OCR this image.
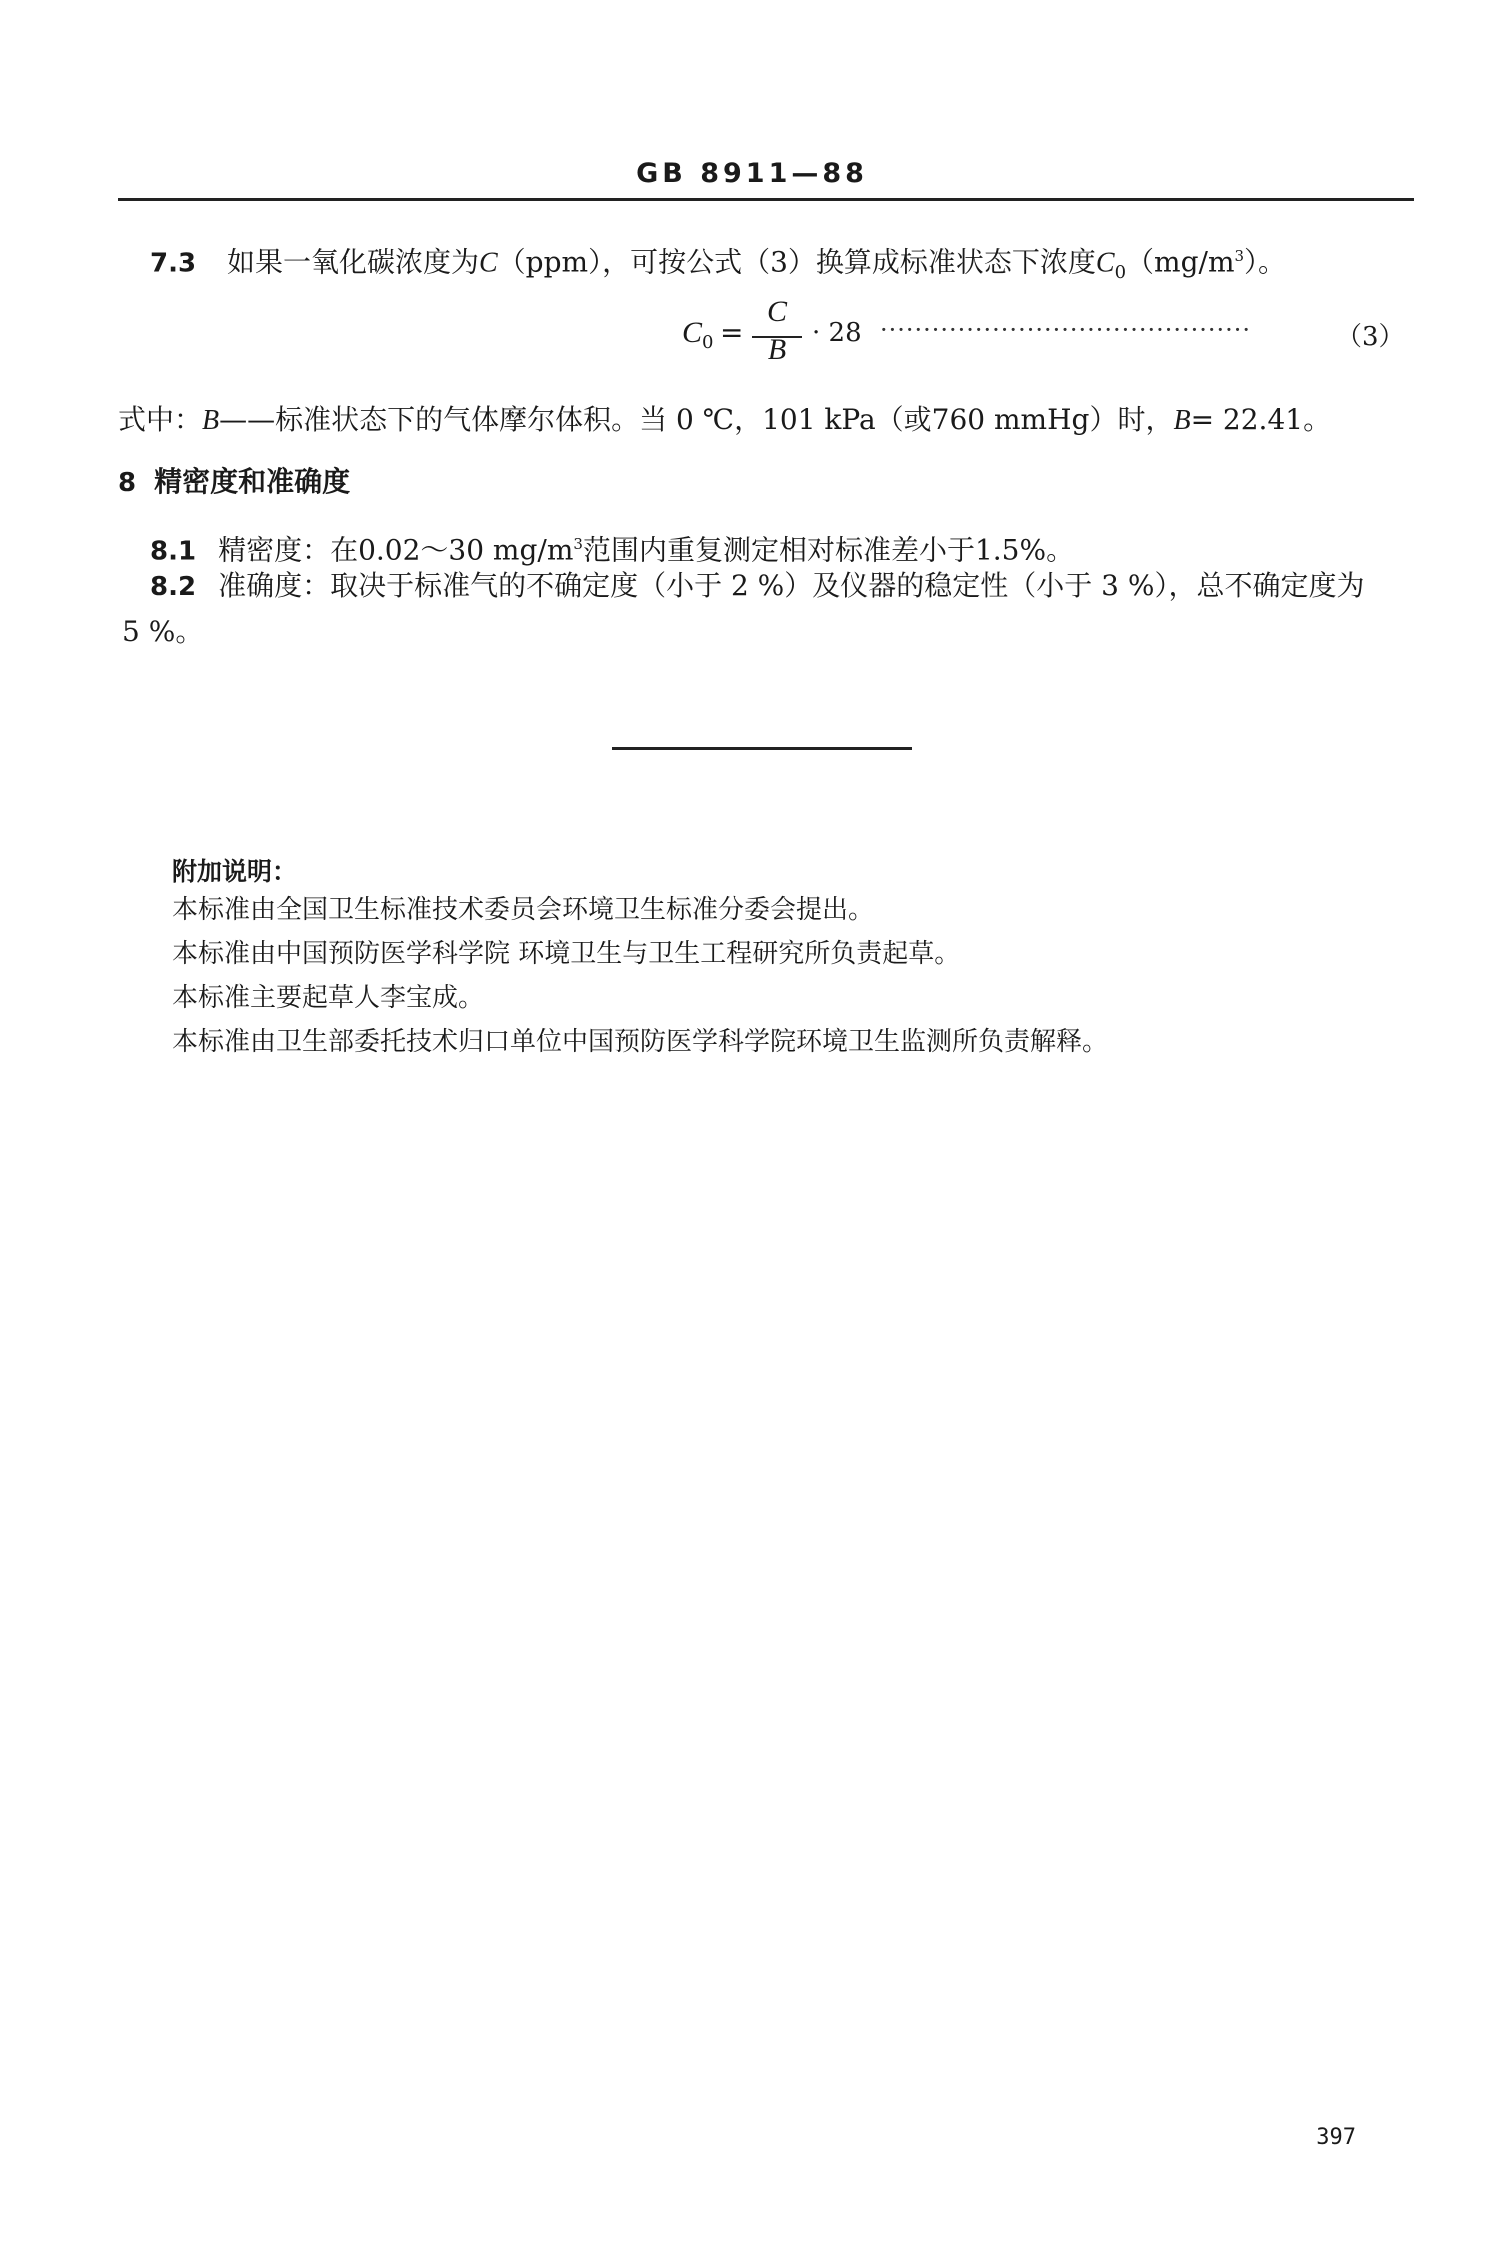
GB 8911—88
7.3 如果一氧化碳浓度为C（ppm），可按公式（3）换算成标准状态下浓度$C_0(mg/m^3)$。
C 0 =
C
B · 28 ···········································	（3）
式中：B——标准状态下的气体摩尔体积。当 0 ℃，101 kPa（或760 mmHg）时，B= 22.41。
8 精密度和准确度
8.1 精密度：在0.02～30 $mg/m^3$范围内重复测定相对标准差小于1.5%。
8.2 准确度：取决于标准气的不确定度（小于 2 %）及仪器的稳定性（小于 3 %），总不确定度为
5 %。
附加说明：
本标准由全国卫生标准技术委员会环境卫生标准分委会提出。
本标准由中国预防医学科学院 环境卫生与卫生工程研究所负责起草。
本标准主要起草人李宝成。
本标准由卫生部委托技术归口单位中国预防医学科学院环境卫生监测所负责解释。
397
